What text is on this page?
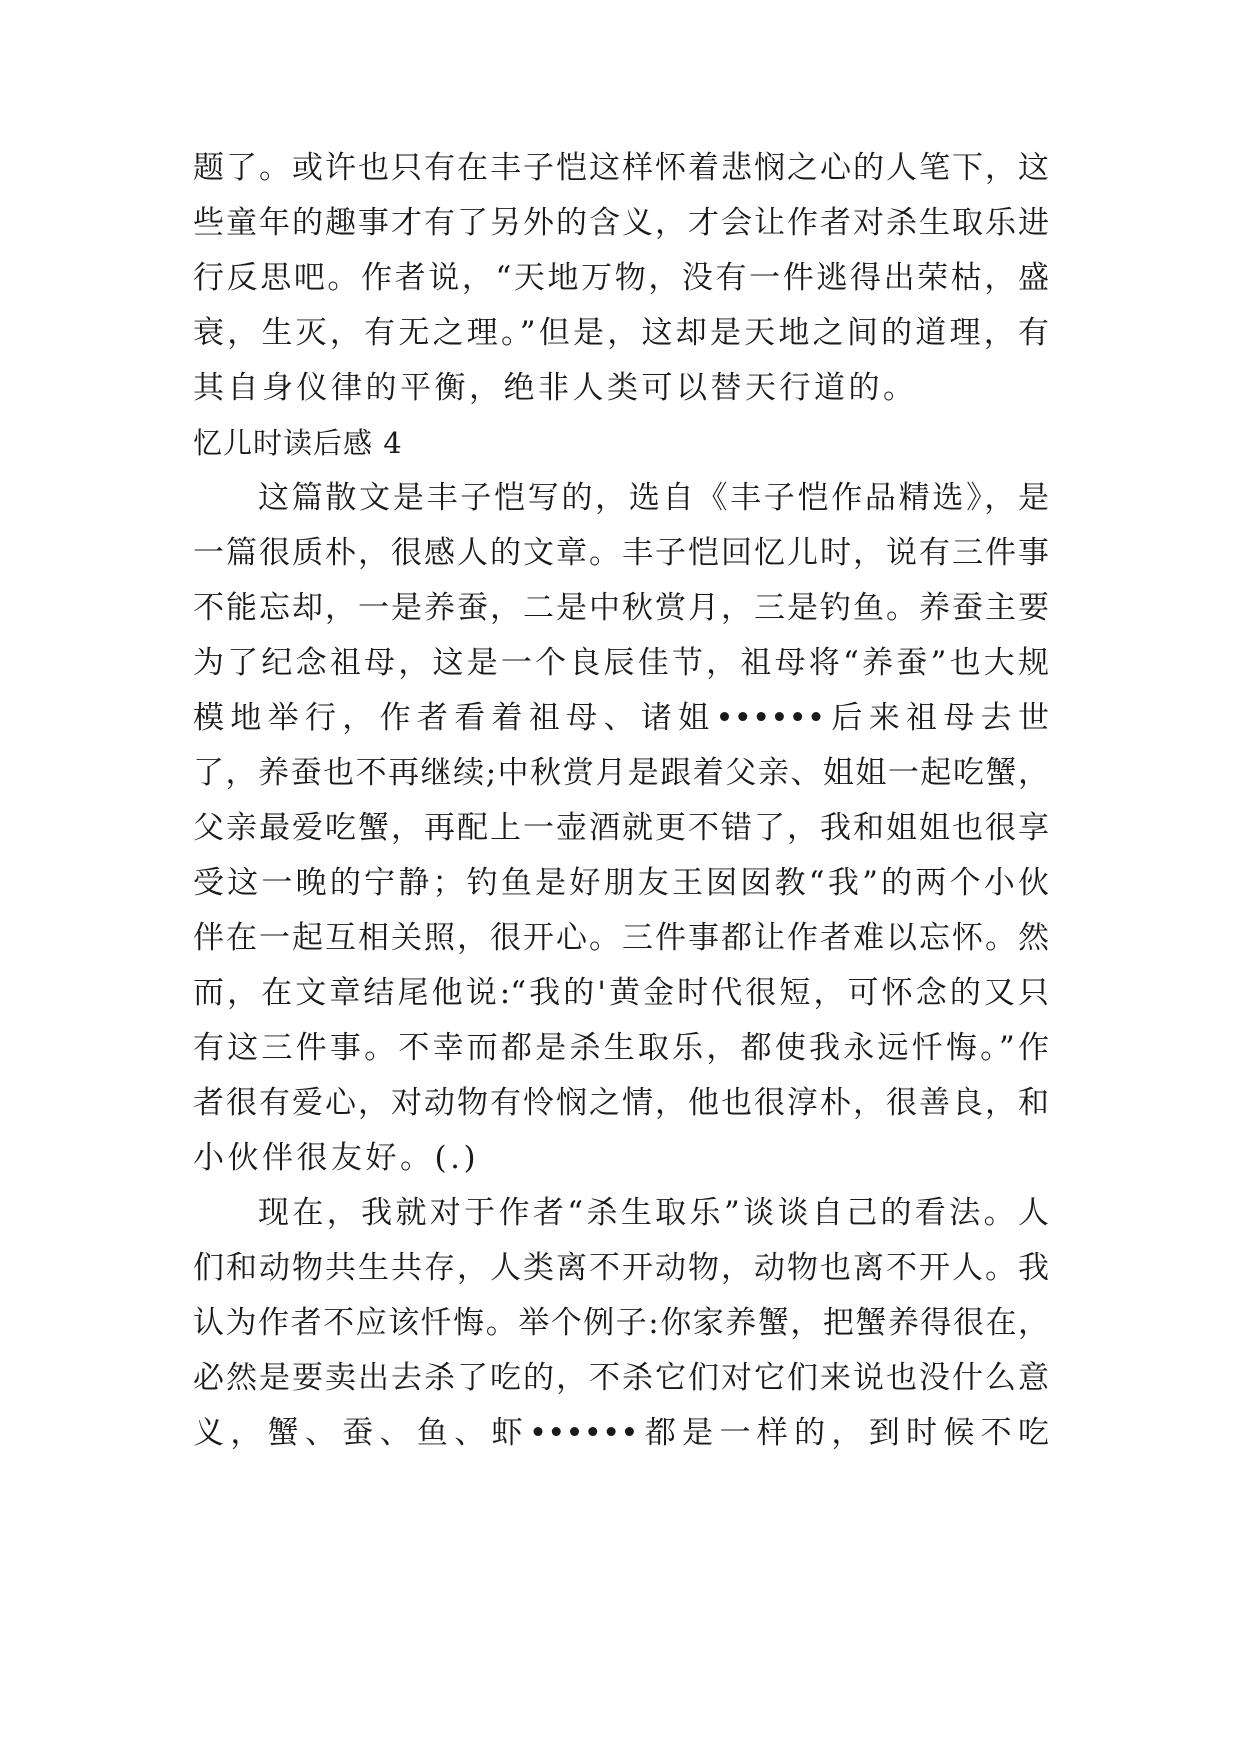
题了。或许也只有在丰子恺这样怀着悲悯之心的人笔下，这
些童年的趣事才有了另外的含义，才会让作者对杀生取乐进
行反思吧。作者说，“天地万物，没有一件逃得出荣枯，盛
衰，生灭，有无之理。”但是，这却是天地之间的道理，有
其自身仪律的平衡，绝非人类可以替天行道的。
忆儿时读后感 4
这篇散文是丰子恺写的，选自《丰子恺作品精选》，是
一篇很质朴，很感人的文章。丰子恺回忆儿时，说有三件事
不能忘却，一是养蚕，二是中秋赏月，三是钓鱼。养蚕主要
为了纪念祖母，这是一个良辰佳节，祖母将“养蚕”也大规
模地举行，作者看着祖母、诸姐••••••后来祖母去世
了，养蚕也不再继续;中秋赏月是跟着父亲、姐姐一起吃蟹，
父亲最爱吃蟹，再配上一壶酒就更不错了，我和姐姐也很享
受这一晚的宁静；钓鱼是好朋友王囡囡教“我”的两个小伙
伴在一起互相关照，很开心。三件事都让作者难以忘怀。然
而，在文章结尾他说:“我的'黄金时代很短，可怀念的又只
有这三件事。不幸而都是杀生取乐，都使我永远忏悔。”作
者很有爱心，对动物有怜悯之情，他也很淳朴，很善良，和
小伙伴很友好。(.)
现在，我就对于作者“杀生取乐”谈谈自己的看法。人
们和动物共生共存，人类离不开动物，动物也离不开人。我
认为作者不应该忏悔。举个例子:你家养蟹，把蟹养得很在，
必然是要卖出去杀了吃的，不杀它们对它们来说也没什么意
义，蟹、蚕、鱼、虾••••••都是一样的，到时候不吃
